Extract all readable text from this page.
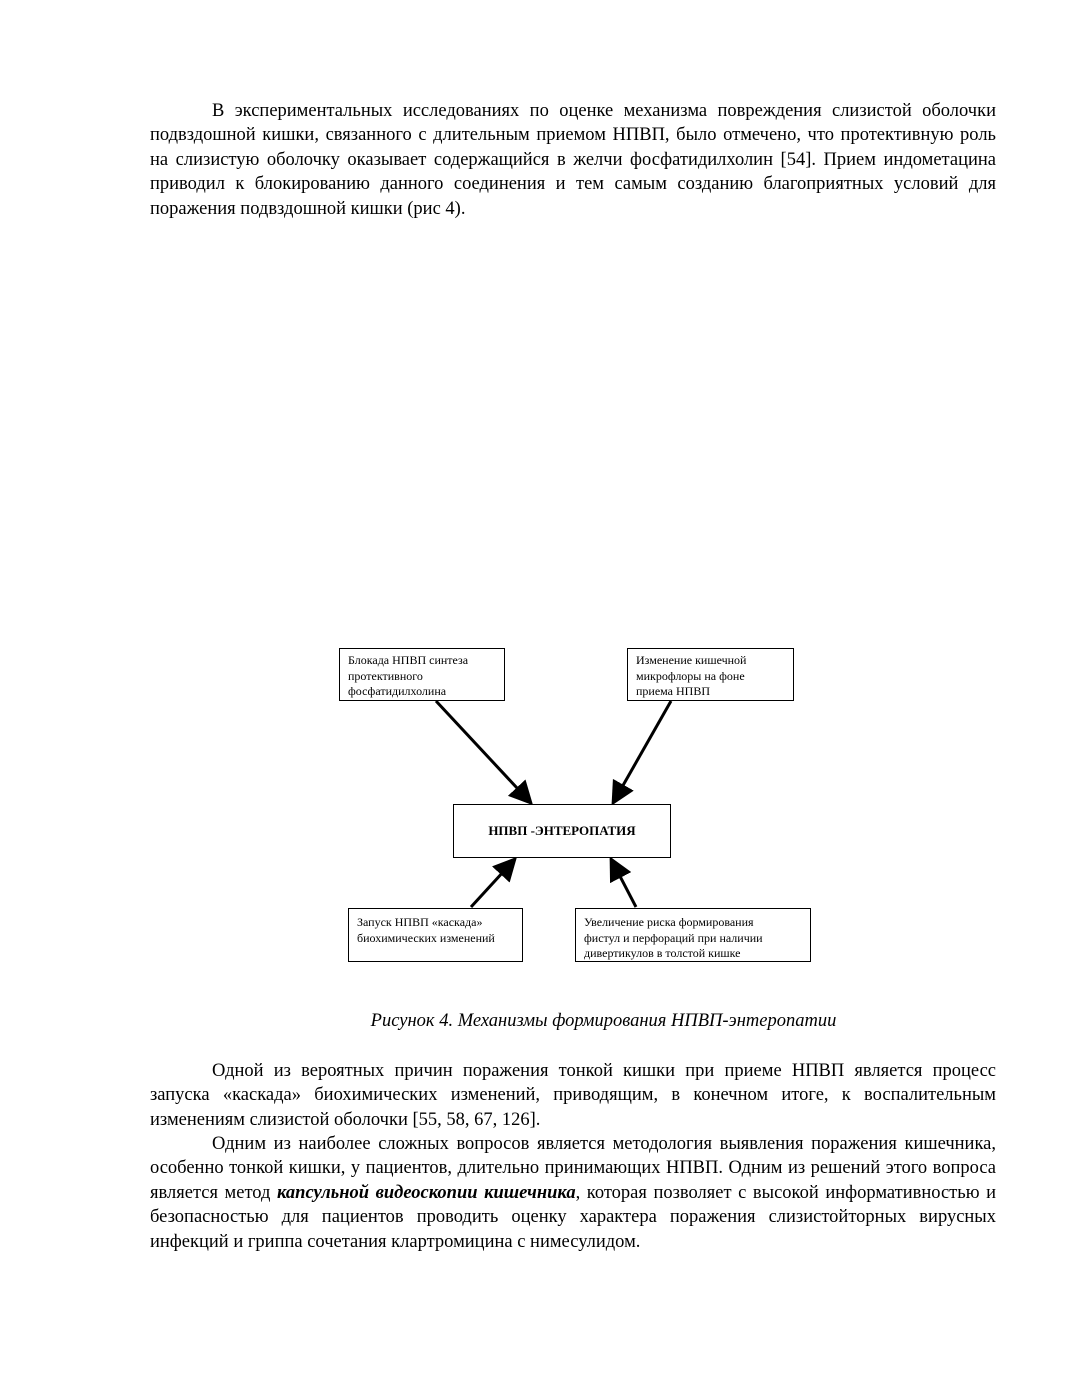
В экспериментальных исследованиях по оценке механизма повреждения слизистой оболочки подвздошной кишки, связанного с длительным приемом НПВП, было отмечено, что протективную роль на слизистую оболочку оказывает содержащийся в желчи фосфатидилхолин [54]. Прием индометацина приводил к блокированию данного соединения и тем самым созданию благоприятных условий для поражения подвздошной кишки (рис 4).

Блокада НПВП синтеза
протективного
фосфатидилхолина
Изменение кишечной
микрофлоры на фоне
приема НПВП
НПВП -ЭНТЕРОПАТИЯ
Запуск НПВП «каскада»
биохимических изменений
Увеличение риска формирования
фистул и перфораций при наличии
дивертикулов в толстой кишке
Рисунок 4. Механизмы формирования НПВП-энтеропатии

Одной из вероятных причин поражения тонкой кишки при приеме НПВП является процесс запуска «каскада» биохимических изменений, приводящим, в конечном итоге, к воспалительным изменениям слизистой оболочки [55, 58, 67, 126].

Одним из наиболее сложных вопросов является методология выявления поражения кишечника, особенно тонкой кишки, у пациентов, длительно принимающих НПВП. Одним из решений этого вопроса является метод капсульной видеоскопии кишечника, которая позволяет с высокой информативностью и безопасностью для пациентов проводить оценку характера поражения слизистойторных вирусных инфекций и гриппа сочетания клартромицина с нимесулидом.
